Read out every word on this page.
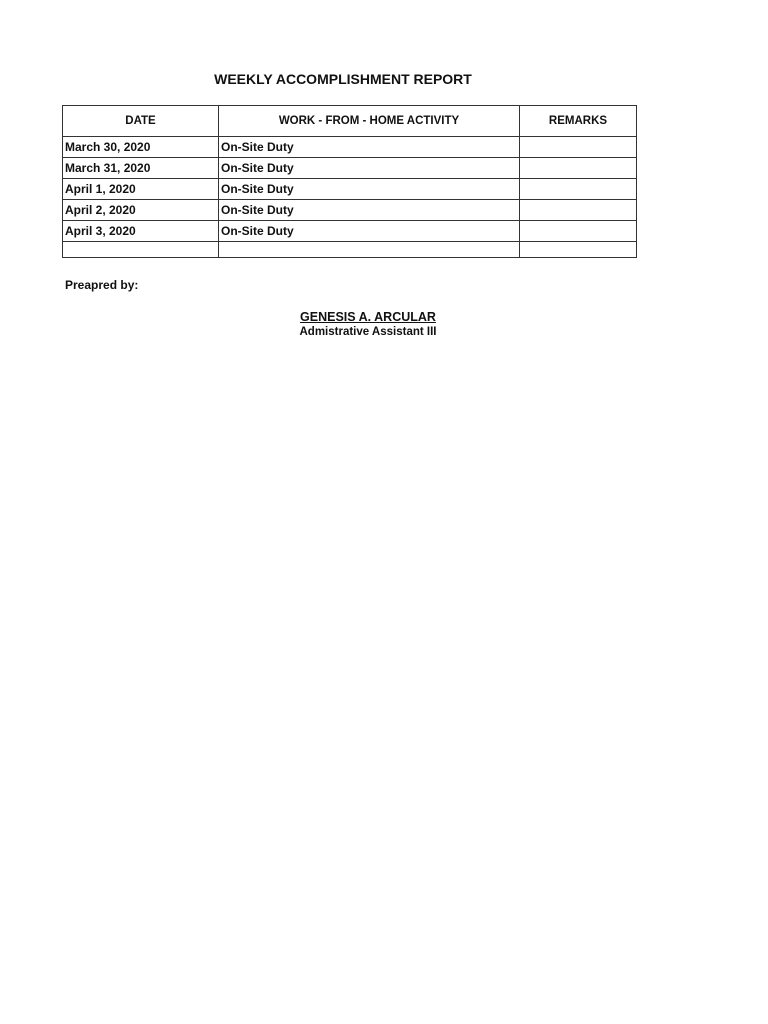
WEEKLY ACCOMPLISHMENT REPORT
DATE	WORK - FROM - HOME ACTIVITY	REMARKS
March 30, 2020	On-Site Duty	
March 31, 2020	On-Site Duty	
April 1, 2020	On-Site Duty	
April 2, 2020	On-Site Duty	
April 3, 2020	On-Site Duty	

Preapred by:
GENESIS A. ARCULAR
Admistrative Assistant III
